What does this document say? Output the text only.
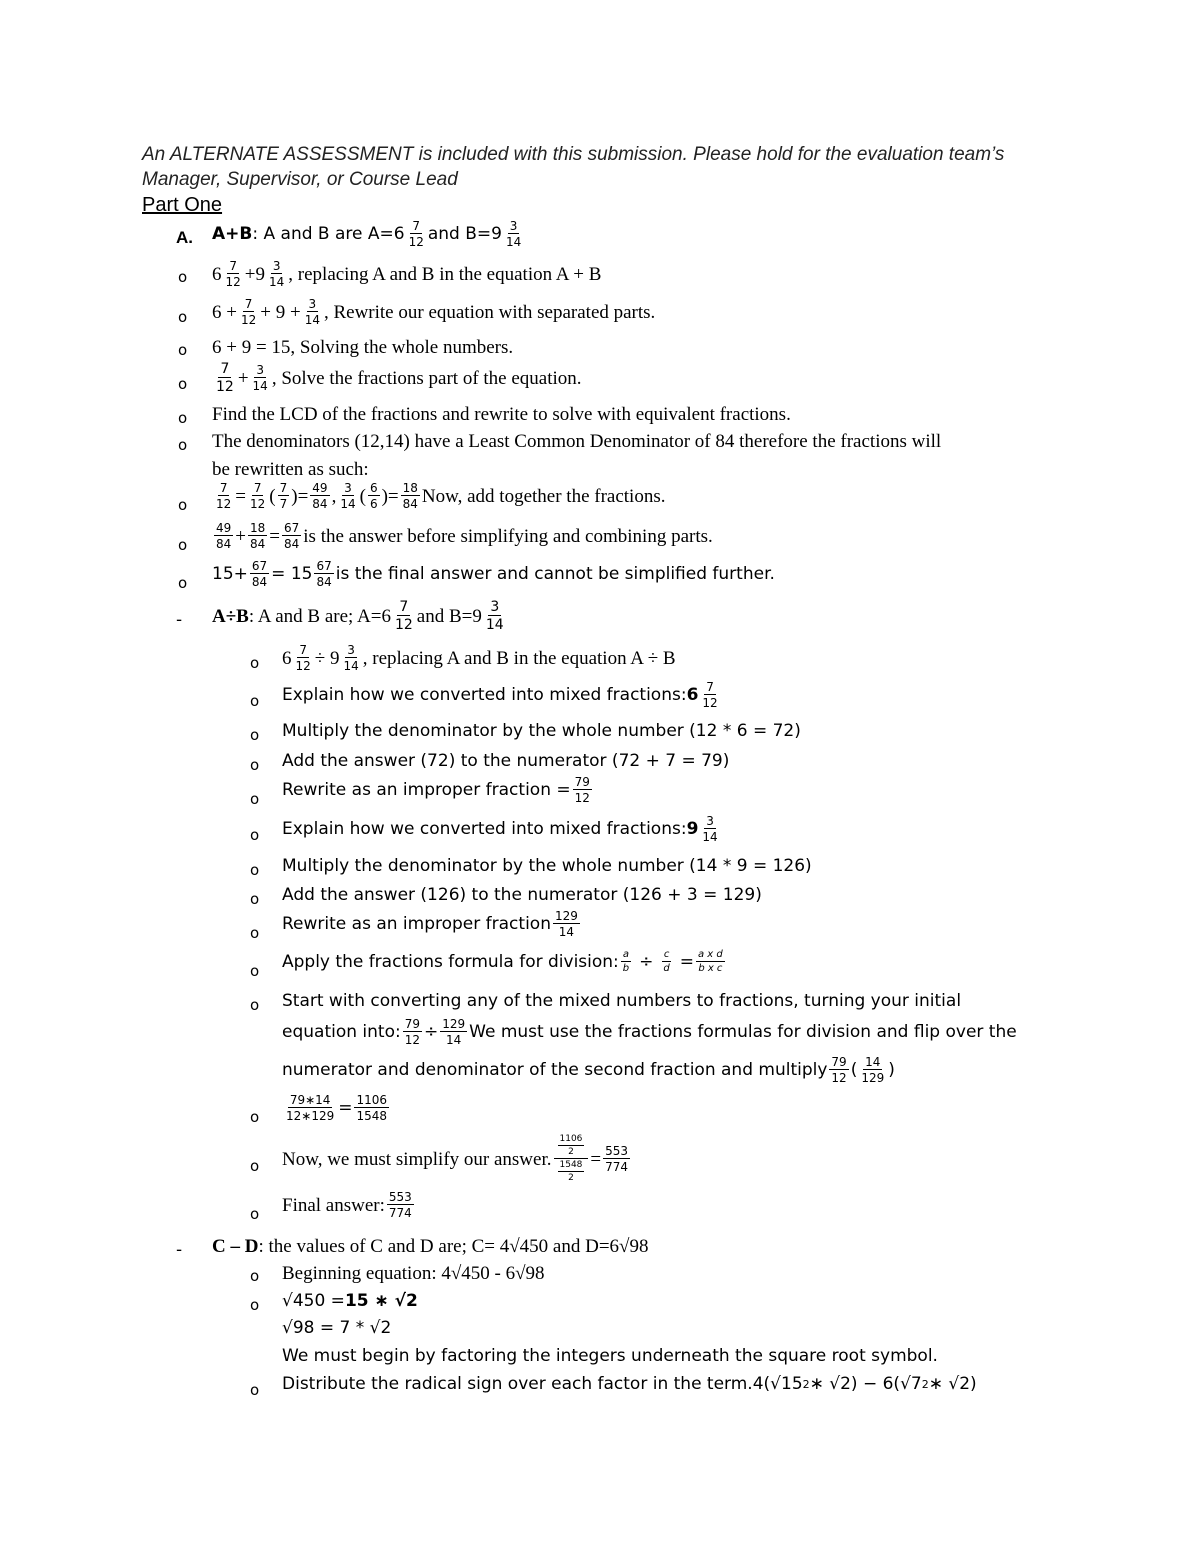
An ALTERNATE ASSESSMENT is included with this submission. Please hold for the evaluation team’s Manager, Supervisor, or Course Lead
Part One
A. A+B : A and B are A=6 7
12 and B=9 3
14
o 6 7
12 +9 3
14 , replacing A and B in the equation A + B
o $6 + \frac{7}{12} + 9 + \frac{3}{14}$ , Rewrite our equation with separated parts.
o 6 + 9 = 15, Solving the whole numbers.
o
7
$12 + \frac{3}{14}$ , Solve the fractions part of the equation.
o Find the LCD of the fractions and rewrite to solve with equivalent fractions.
o The denominators (12,14) have a Least Common Denominator of 84 therefore the fractions will
be rewritten as such:
o $\frac{7}{12} = \frac{7}{12}$ ( 7
7 ) = $\frac{49}{84}$ , 3
14 ( 6
6 ) = $\frac{18}{84}$ Now, add together the fractions.
o
49
$84 + \frac{18}{84} = \frac{67}{84}$ is the answer before simplifying and combining parts.
o $15+ \frac{67}{84} = 15$ 67
84 is the final answer and cannot be simplified further.
- A÷B : A and B are; A=6 7
12 and B=9 3
14
o $6 \frac{7}{12} \div 9$ 3
14 , replacing A and B in the equation A ÷ B
o Explain how we converted into mixed fractions: 6 7
12
o Multiply the denominator by the whole number (12 * 6 = 72)
o Add the answer (72) to the numerator (72 + 7 = 79)
o Rewrite as an improper fraction = $\frac{79}{12}$
o Explain how we converted into mixed fractions: 9 3
14
o Multiply the denominator by the whole number (14 * 9 = 126)
o Add the answer (126) to the numerator (126 + 3 = 129)
o Rewrite as an improper fraction 129
14
o Apply the fractions formula for division: a
b ÷ c
$d = \frac{\text{a x d}}{\text{b x c}}$
o Start with converting any of the mixed numbers to fractions, turning your initial
equation into: $\frac{79}{12} \div \frac{129}{14}$ We must use the fractions formulas for division and flip over the
numerator and denominator of the second fraction and multiply 79
12 ( 14
129 )
o $\frac{79∗14}{12∗129} = \frac{1106}{1548}$
o Now, we must simplify our answer. $\frac{\frac{1106}{2}}{\frac{1548}{2}} = \frac{553}{774}$
o Final answer: 553
774
- C – D : the values of C and D are; C= 4√450 and D=6√98
o Beginning equation: 4√450 - 6√98
o √450 = 15 ∗ √2
√98 = 7 * √2
We must begin by factoring the integers underneath the square root symbol.
o Distribute the radical sign over each factor in the term. 4(√15 2 ∗ √2) − 6(√7 2 ∗ √2)
